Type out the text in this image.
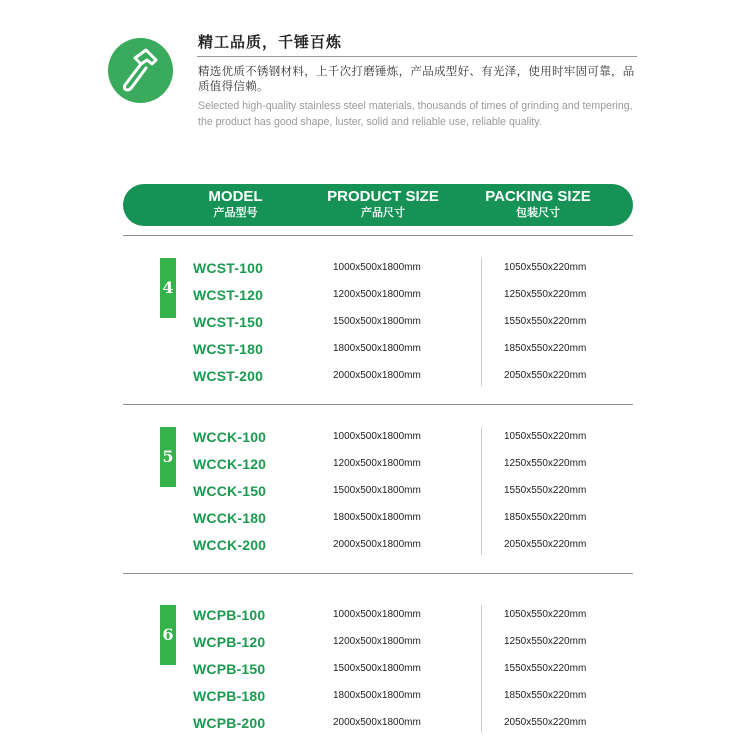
精工品质，千锤百炼
精选优质不锈钢材料，上千次打磨锤炼，产品成型好、有光泽，使用时牢固可靠，品质值得信赖。
Selected high-quality stainless steel materials, thousands of times of grinding and tempering, the product has good shape, luster, solid and reliable use, reliable quality.
MODEL
产品型号
PRODUCT SIZE
产品尺寸
PACKING SIZE
包装尺寸
4
WCST-100	1000x500x1800mm	1050x550x220mm
WCST-120	1200x500x1800mm	1250x550x220mm
WCST-150	1500x500x1800mm	1550x550x220mm
WCST-180	1800x500x1800mm	1850x550x220mm
WCST-200	2000x500x1800mm	2050x550x220mm
5
WCCK-100	1000x500x1800mm	1050x550x220mm
WCCK-120	1200x500x1800mm	1250x550x220mm
WCCK-150	1500x500x1800mm	1550x550x220mm
WCCK-180	1800x500x1800mm	1850x550x220mm
WCCK-200	2000x500x1800mm	2050x550x220mm
6
WCPB-100	1000x500x1800mm	1050x550x220mm
WCPB-120	1200x500x1800mm	1250x550x220mm
WCPB-150	1500x500x1800mm	1550x550x220mm
WCPB-180	1800x500x1800mm	1850x550x220mm
WCPB-200	2000x500x1800mm	2050x550x220mm
